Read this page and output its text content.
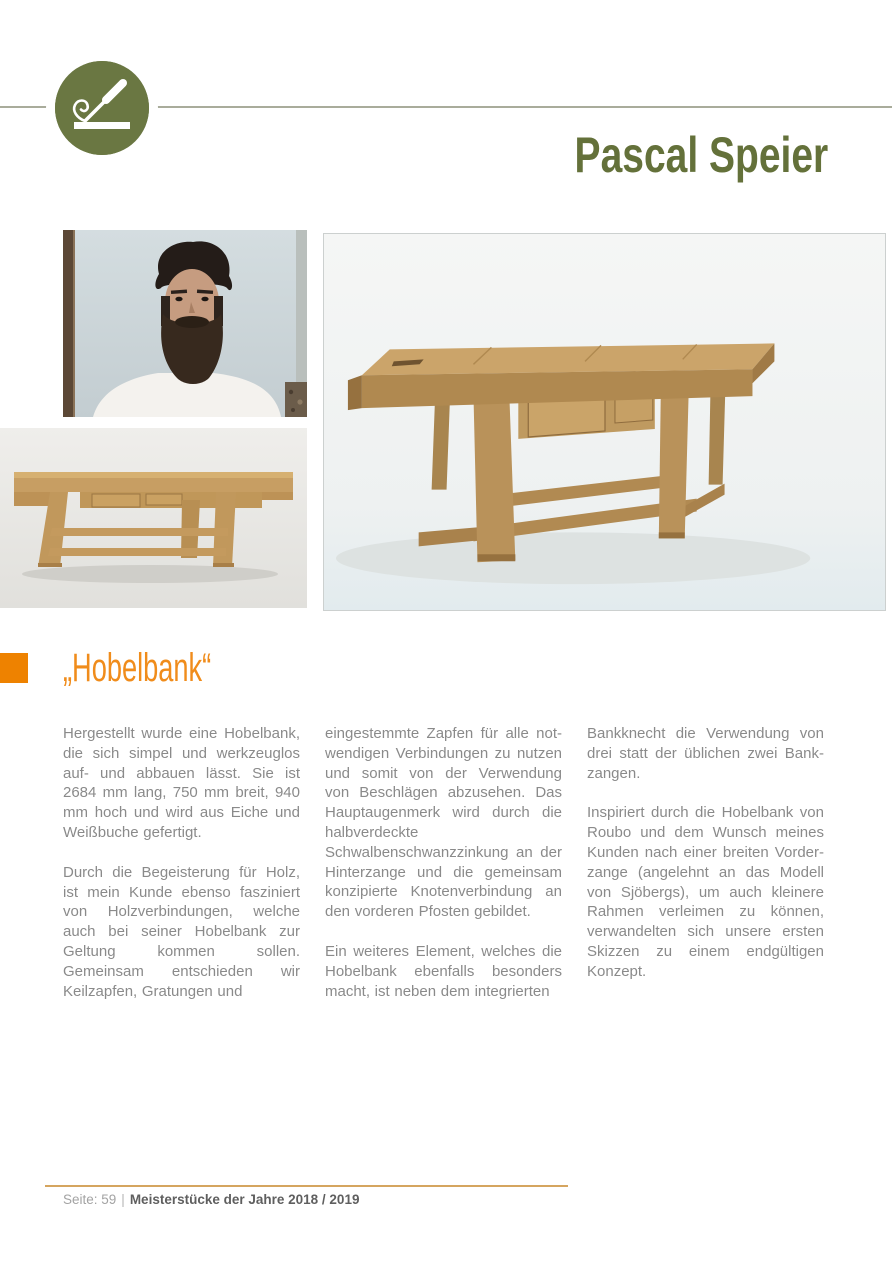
Pascal Speier
„Hobelbank“

Hergestellt wurde eine Hobelbank, die sich simpel und werkzeuglos auf- und abbauen lässt. Sie ist 2684 mm lang, 750 mm breit, 940 mm hoch und wird aus Eiche und Weißbuche gefertigt.

Durch die Begeisterung für Holz, ist mein Kunde ebenso fasziniert von Holzverbindungen, welche auch bei seiner Hobelbank zur Geltung kommen sollen. Gemeinsam entschieden wir Keilzapfen, Gratungen und

eingestemmte Zapfen für alle notwendigen Verbindungen zu nutzen und somit von der Verwendung von Beschlägen abzusehen. Das Hauptaugenmerk wird durch die halbverdeckte Schwalbenschwanzzinkung an der Hinterzange und die gemeinsam konzipierte Knotenverbindung an den vorderen Pfosten gebildet.

Ein weiteres Element, welches die Hobelbank ebenfalls besonders macht, ist neben dem integrierten

Bankknecht die Verwendung von drei statt der üblichen zwei Bankzangen.

Inspiriert durch die Hobelbank von Roubo und dem Wunsch meines Kunden nach einer breiten Vorderzange (angelehnt an das Modell von Sjöbergs), um auch kleinere Rahmen verleimen zu können, verwandelten sich unsere ersten Skizzen zu einem endgültigen Konzept.

Seite: 59 | Meisterstücke der Jahre 2018 / 2019
